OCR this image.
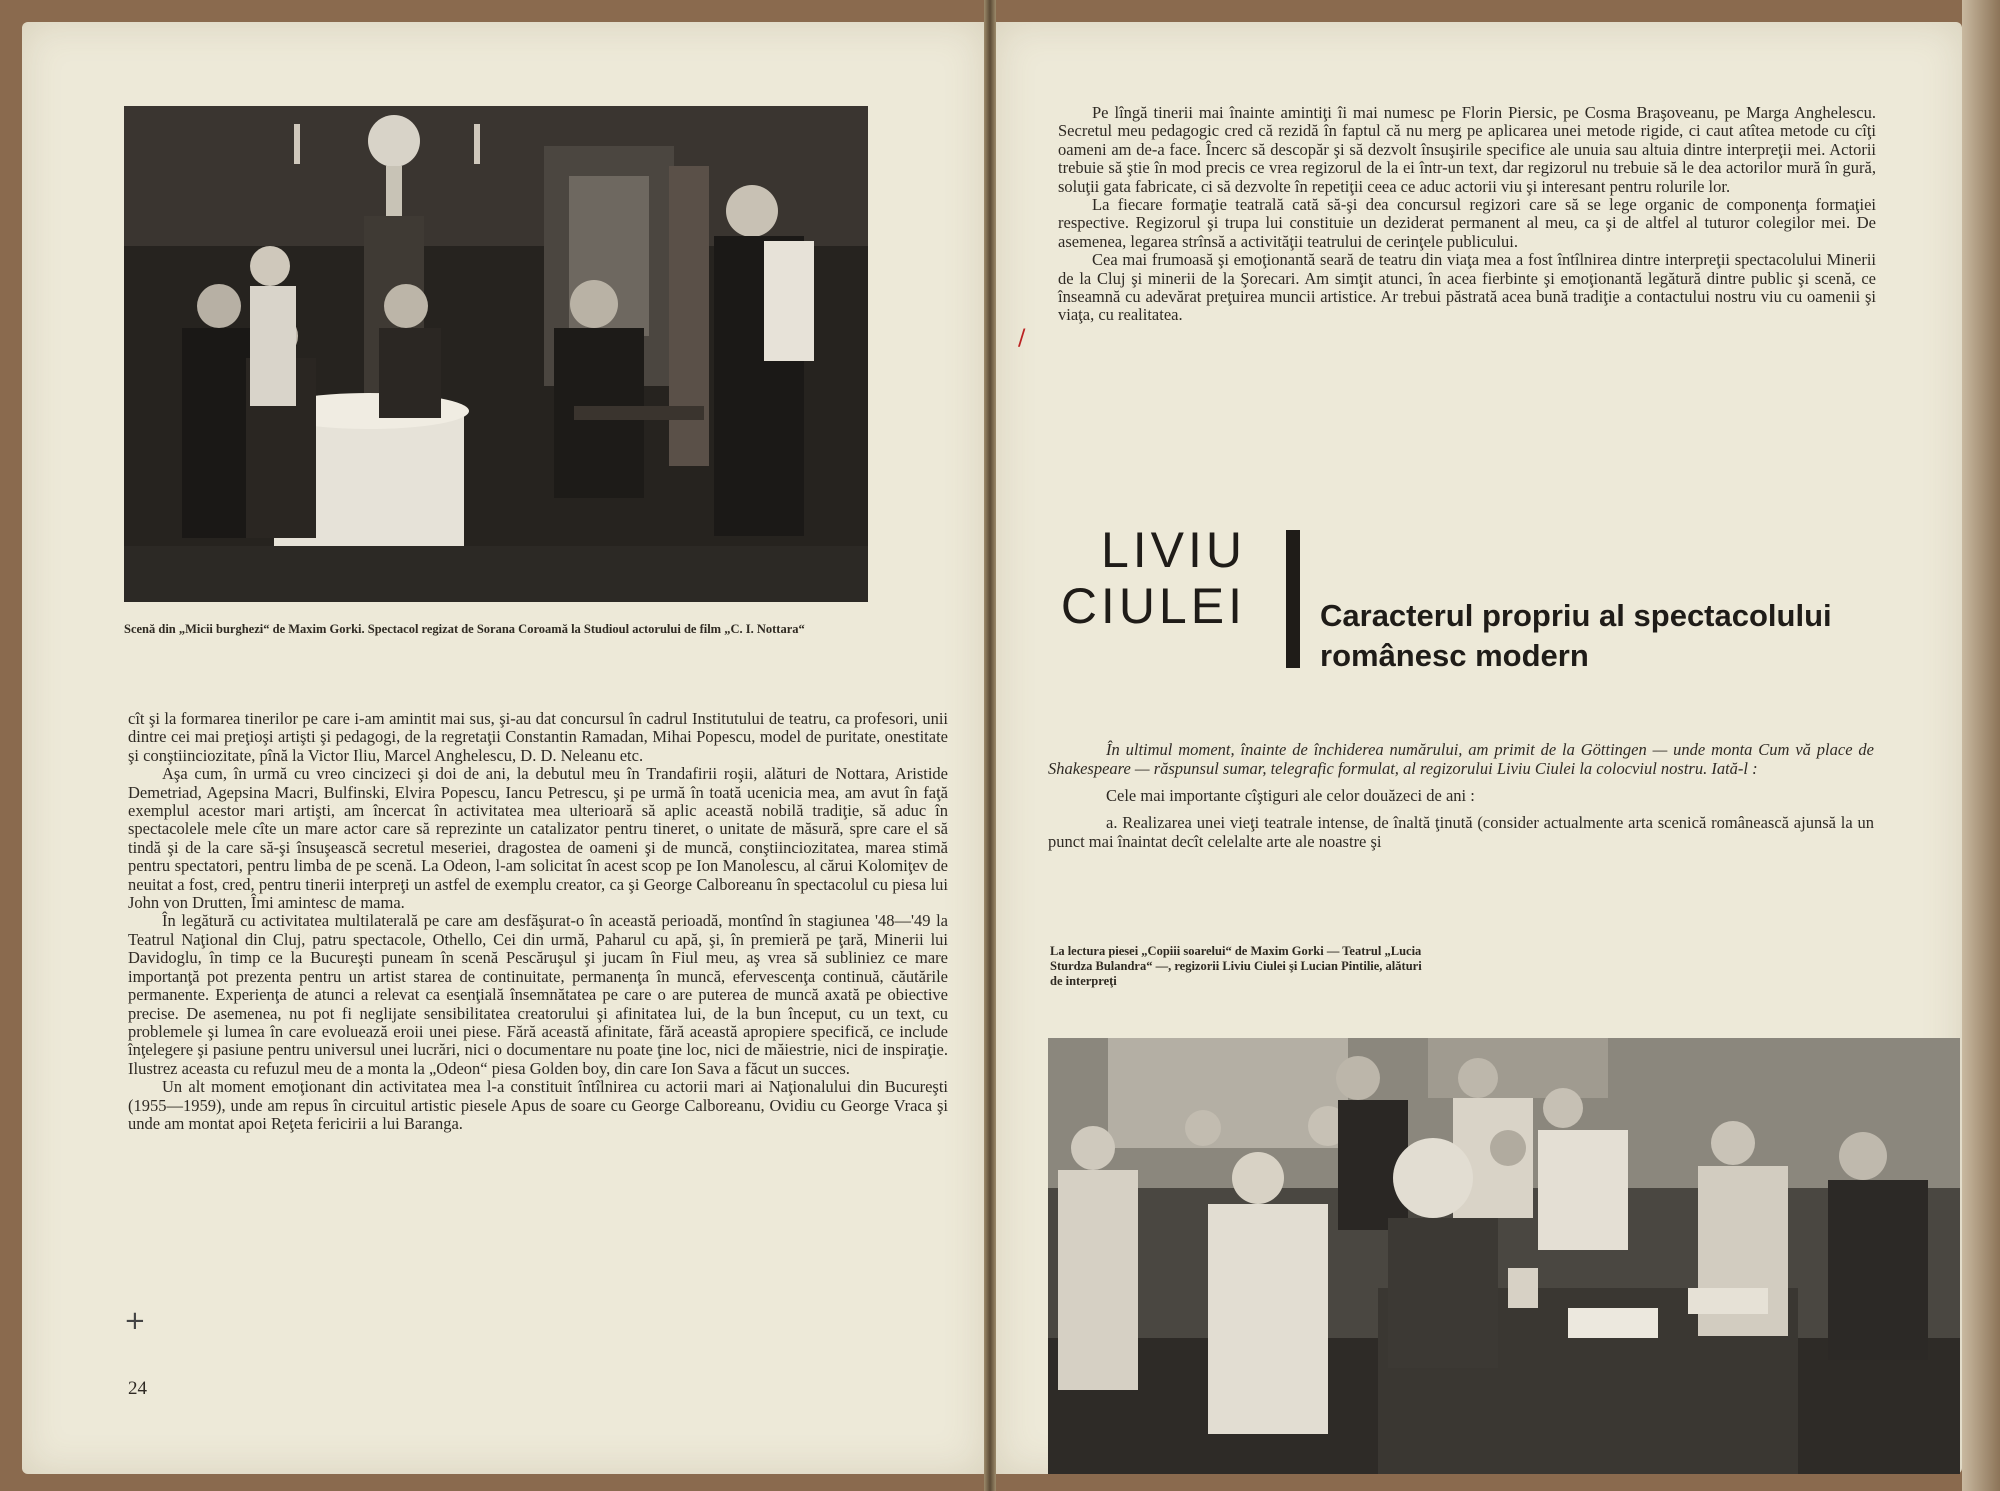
Scenă din „Micii burghezi“ de Maxim Gorki. Spectacol regizat de Sorana Coroamă la Studioul actorului de film „C. I. Nottara“

cît şi la formarea tinerilor pe care i-am amintit mai sus, şi-au dat concursul în cadrul Institutului de teatru, ca profesori, unii dintre cei mai preţioşi artişti şi pedagogi, de la regretaţii Constantin Ramadan, Mihai Popescu, model de puritate, onestitate şi conştiinciozitate, pînă la Victor Iliu, Marcel Anghelescu, D. D. Neleanu etc.

Aşa cum, în urmă cu vreo cincizeci şi doi de ani, la debutul meu în Trandafirii roşii, alături de Nottara, Aristide Demetriad, Agepsina Macri, Bulfinski, Elvira Popescu, Iancu Petrescu, şi pe urmă în toată ucenicia mea, am avut în faţă exemplul acestor mari artişti, am încercat în activitatea mea ulterioară să aplic această nobilă tradiţie, să aduc în spectacolele mele cîte un mare actor care să reprezinte un catalizator pentru tineret, o unitate de măsură, spre care el să tindă şi de la care să-şi însuşească secretul meseriei, dragostea de oameni şi de muncă, conştiinciozitatea, marea stimă pentru spectatori, pentru limba de pe scenă. La Odeon, l-am solicitat în acest scop pe Ion Manolescu, al cărui Kolomiţev de neuitat a fost, cred, pentru tinerii interpreţi un astfel de exemplu creator, ca şi George Calboreanu în spectacolul cu piesa lui John von Drutten, Îmi amintesc de mama.

În legătură cu activitatea multilaterală pe care am desfăşurat-o în această perioadă, montînd în stagiunea '48—'49 la Teatrul Naţional din Cluj, patru spectacole, Othello, Cei din urmă, Paharul cu apă, şi, în premieră pe ţară, Minerii lui Davidoglu, în timp ce la Bucureşti puneam în scenă Pescăruşul şi jucam în Fiul meu, aş vrea să subliniez ce mare importanţă pot prezenta pentru un artist starea de continuitate, permanenţa în muncă, efervescenţa continuă, căutările permanente. Experienţa de atunci a relevat ca esenţială însemnătatea pe care o are puterea de muncă axată pe obiective precise. De asemenea, nu pot fi neglijate sensibilitatea creatorului şi afinitatea lui, de la bun început, cu un text, cu problemele şi lumea în care evoluează eroii unei piese. Fără această afinitate, fără această apropiere specifică, ce include înţelegere şi pasiune pentru universul unei lucrări, nici o documentare nu poate ţine loc, nici de măiestrie, nici de inspiraţie. Ilustrez aceasta cu refuzul meu de a monta la „Odeon“ piesa Golden boy, din care Ion Sava a făcut un succes.

Un alt moment emoţionant din activitatea mea l-a constituit întîlnirea cu actorii mari ai Naţionalului din Bucureşti (1955—1959), unde am repus în circuitul artistic piesele Apus de soare cu George Calboreanu, Ovidiu cu George Vraca şi unde am montat apoi Reţeta fericirii a lui Baranga.

24

Pe lîngă tinerii mai înainte amintiţi îi mai numesc pe Florin Piersic, pe Cosma Braşoveanu, pe Marga Anghelescu. Secretul meu pedagogic cred că rezidă în faptul că nu merg pe aplicarea unei metode rigide, ci caut atîtea metode cu cîţi oameni am de-a face. Încerc să descopăr şi să dezvolt însuşirile specifice ale unuia sau altuia dintre interpreţii mei. Actorii trebuie să ştie în mod precis ce vrea regizorul de la ei într-un text, dar regizorul nu trebuie să le dea actorilor mură în gură, soluţii gata fabricate, ci să dezvolte în repetiţii ceea ce aduc actorii viu şi interesant pentru rolurile lor.

La fiecare formaţie teatrală cată să-şi dea concursul regizori care să se lege organic de componenţa formaţiei respective. Regizorul şi trupa lui constituie un deziderat permanent al meu, ca şi de altfel al tuturor colegilor mei. De asemenea, legarea strînsă a activităţii teatrului de cerinţele publicului.

Cea mai frumoasă şi emoţionantă seară de teatru din viaţa mea a fost întîlnirea dintre interpreţii spectacolului Minerii de la Cluj şi minerii de la Şorecari. Am simţit atunci, în acea fierbinte şi emoţionantă legătură dintre public şi scenă, ce înseamnă cu adevărat preţuirea muncii artistice. Ar trebui păstrată acea bună tradiţie a contactului nostru viu cu oamenii şi viaţa, cu realitatea.

LIVIU
CIULEI Caracterul propriu al spectacolului românesc modern

În ultimul moment, înainte de închiderea numărului, am primit de la Göttingen — unde monta Cum vă place de Shakespeare — răspunsul sumar, telegrafic formulat, al regizorului Liviu Ciulei la colocviul nostru. Iată-l :

Cele mai importante cîştiguri ale celor douăzeci de ani :

a. Realizarea unei vieţi teatrale intense, de înaltă ţinută (consider actualmente arta scenică românească ajunsă la un punct mai înaintat decît celelalte arte ale noastre şi

La lectura piesei „Copiii soarelui“ de Maxim Gorki — Teatrul „Lucia Sturdza Bulandra“ —, regizorii Liviu Ciulei şi Lucian Pintilie, alături de interpreţi
/
+
